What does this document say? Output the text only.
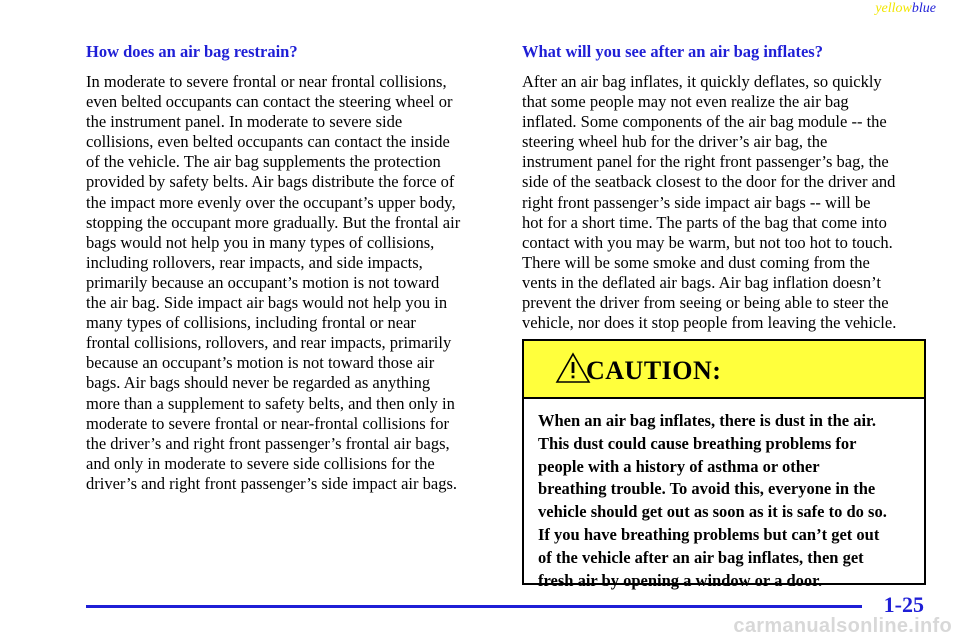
yellowblue
How does an air bag restrain?

In moderate to severe frontal or near frontal collisions,
even belted occupants can contact the steering wheel or
the instrument panel. In moderate to severe side
collisions, even belted occupants can contact the inside
of the vehicle. The air bag supplements the protection
provided by safety belts. Air bags distribute the force of
the impact more evenly over the occupant’s upper body,
stopping the occupant more gradually. But the frontal air
bags would not help you in many types of collisions,
including rollovers, rear impacts, and side impacts,
primarily because an occupant’s motion is not toward
the air bag. Side impact air bags would not help you in
many types of collisions, including frontal or near
frontal collisions, rollovers, and rear impacts, primarily
because an occupant’s motion is not toward those air
bags. Air bags should never be regarded as anything
more than a supplement to safety belts, and then only in
moderate to severe frontal or near-frontal collisions for
the driver’s and right front passenger’s frontal air bags,
and only in moderate to severe side collisions for the
driver’s and right front passenger’s side impact air bags.

What will you see after an air bag inflates?

After an air bag inflates, it quickly deflates, so quickly
that some people may not even realize the air bag
inflated. Some components of the air bag module -- the
steering wheel hub for the driver’s air bag, the
instrument panel for the right front passenger’s bag, the
side of the seatback closest to the door for the driver and
right front passenger’s side impact air bags -- will be
hot for a short time. The parts of the bag that come into
contact with you may be warm, but not too hot to touch.
There will be some smoke and dust coming from the
vents in the deflated air bags. Air bag inflation doesn’t
prevent the driver from seeing or being able to steer the
vehicle, nor does it stop people from leaving the vehicle.

CAUTION:

When an air bag inflates, there is dust in the air.
This dust could cause breathing problems for
people with a history of asthma or other
breathing trouble. To avoid this, everyone in the
vehicle should get out as soon as it is safe to do so.
If you have breathing problems but can’t get out
of the vehicle after an air bag inflates, then get
fresh air by opening a window or a door.

1-25
carmanualsonline.info
